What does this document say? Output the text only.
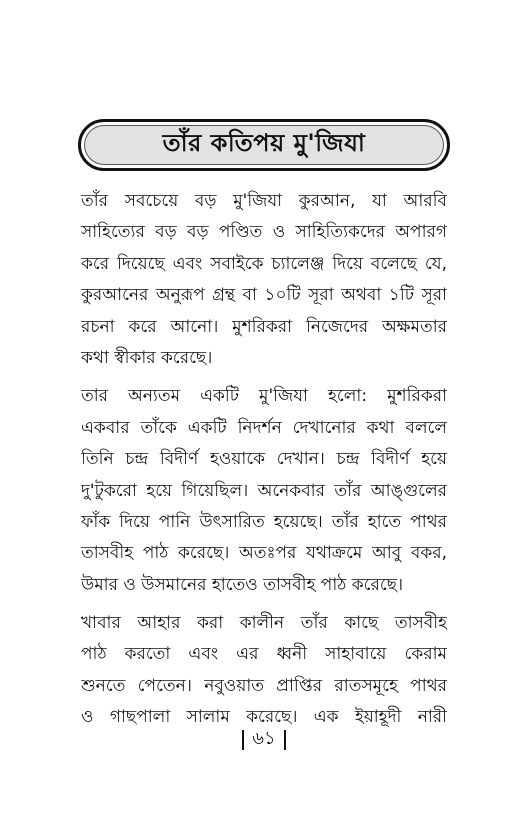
তাঁর কতিপয় মু'জিযা
তাঁর সবচেয়ে বড় মু'জিযা কুরআন, যা আরবি
সাহিত্যের বড় বড় পণ্ডিত ও সাহিত্যিকদের অপারগ
করে দিয়েছে এবং সবাইকে চ্যালেঞ্জ দিয়ে বলেছে যে,
কুরআনের অনুরূপ গ্রন্থ বা ১০টি সূরা অথবা ১টি সূরা
রচনা করে আনো। মুশরিকরা নিজেদের অক্ষমতার
কথা স্বীকার করেছে।
তার অন্যতম একটি মু'জিযা হলো: মুশরিকরা
একবার তাঁকে একটি নিদর্শন দেখানোর কথা বললে
তিনি চন্দ্র বিদীর্ণ হওয়াকে দেখান। চন্দ্র বিদীর্ণ হয়ে
দু'টুকরো হয়ে গিয়েছিল। অনেকবার তাঁর আঙ্গুলের
ফাঁক দিয়ে পানি উৎসারিত হয়েছে। তাঁর হাতে পাথর
তাসবীহ পাঠ করেছে। অতঃপর যথাক্রমে আবু বকর,
উমার ও উসমানের হাতেও তাসবীহ পাঠ করেছে।
খাবার আহার করা কালীন তাঁর কাছে তাসবীহ
পাঠ করতো এবং এর ধ্বনী সাহাবায়ে কেরাম
শুনতে পেতেন। নবুওয়াত প্রাপ্তির রাতসমূহে পাথর
ও গাছপালা সালাম করেছে। এক ইয়াহূদী নারী
৬১
